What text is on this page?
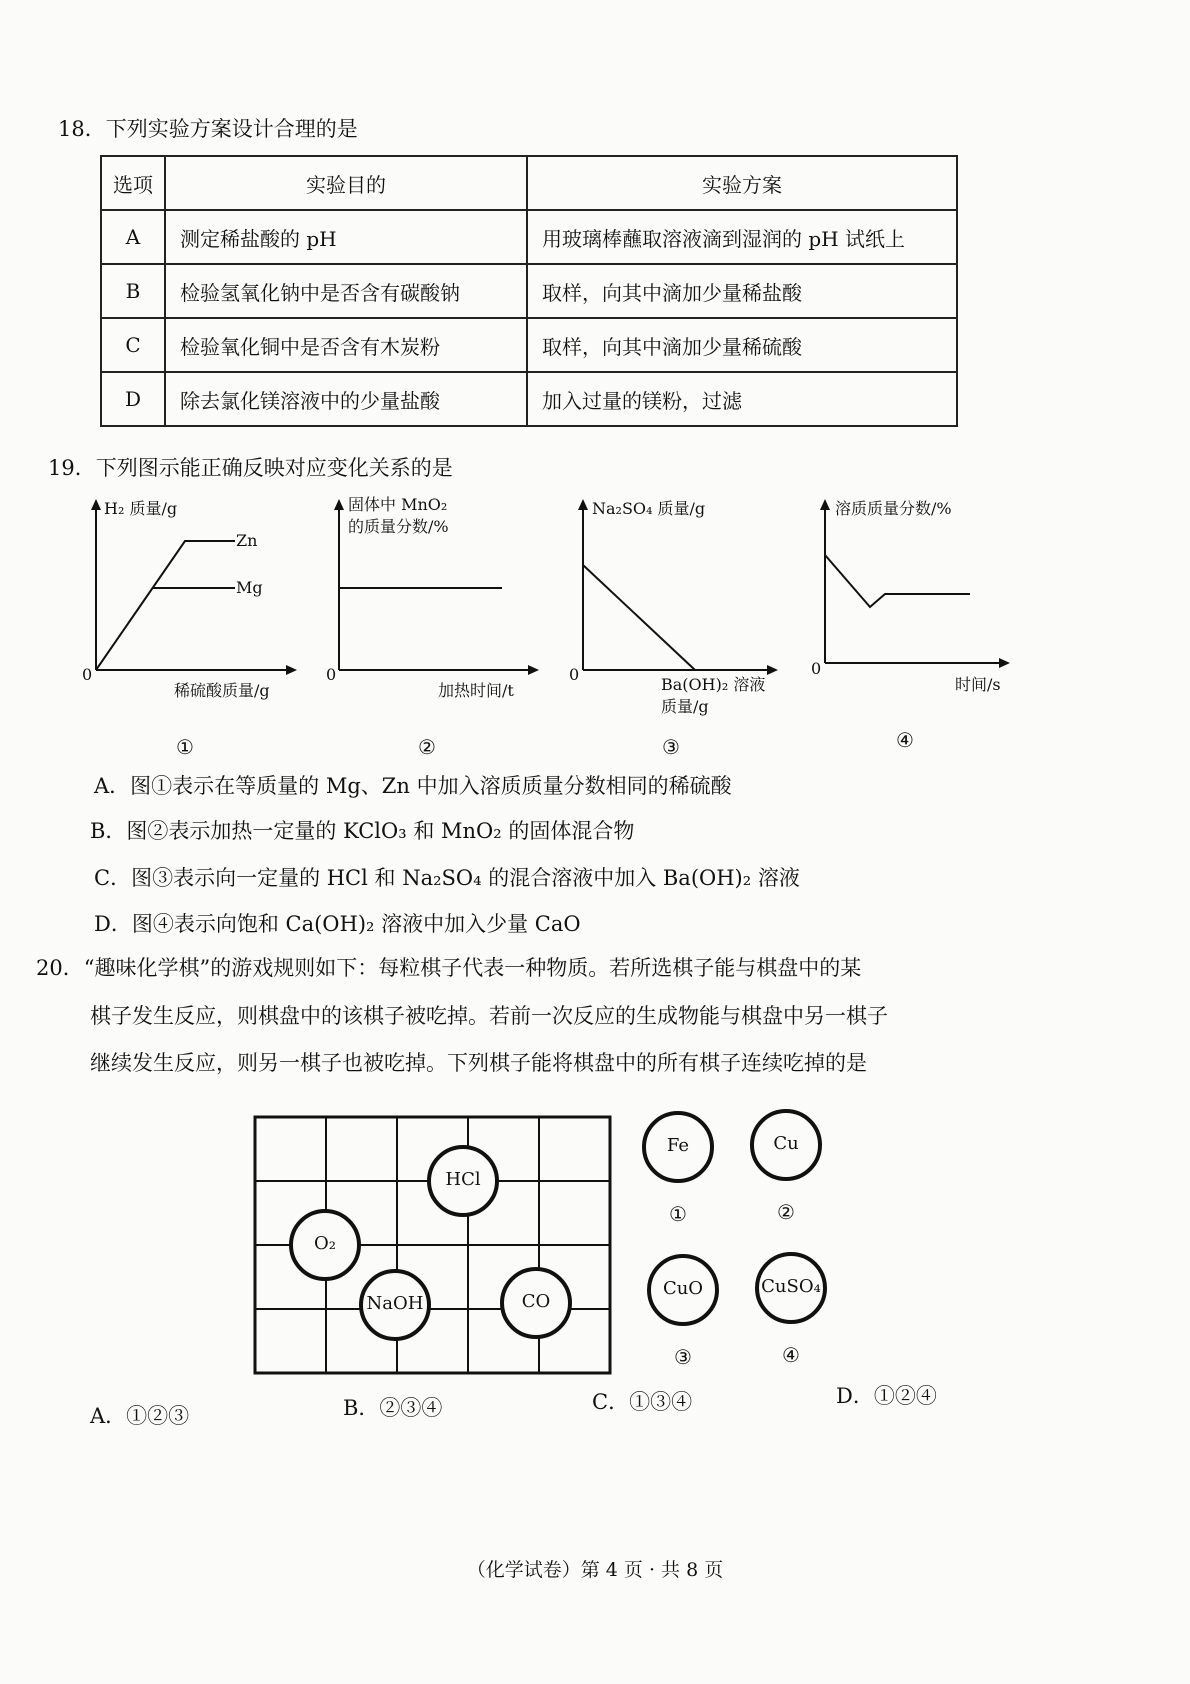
18．下列实验方案设计合理的是
选项	实验目的	实验方案
A	测定稀盐酸的 pH	用玻璃棒蘸取溶液滴到湿润的 pH 试纸上
B	检验氢氧化钠中是否含有碳酸钠	取样，向其中滴加少量稀盐酸
C	检验氧化铜中是否含有木炭粉	取样，向其中滴加少量稀硫酸
D	除去氯化镁溶液中的少量盐酸	加入过量的镁粉，过滤
19．下列图示能正确反映对应变化关系的是
H₂ 质量/g
Zn
Mg
0
稀硫酸质量/g
①
固体中 MnO₂
的质量分数/%
0
加热时间/t
②
Na₂SO₄ 质量/g
0
Ba(OH)₂ 溶液
质量/g
③
溶质质量分数/%
0
时间/s
④
A．图①表示在等质量的 Mg、Zn 中加入溶质质量分数相同的稀硫酸
B．图②表示加热一定量的 KClO₃ 和 MnO₂ 的固体混合物
C．图③表示向一定量的 HCl 和 Na₂SO₄ 的混合溶液中加入 Ba(OH)₂ 溶液
D．图④表示向饱和 Ca(OH)₂ 溶液中加入少量 CaO
20．“趣味化学棋”的游戏规则如下：每粒棋子代表一种物质。若所选棋子能与棋盘中的某
棋子发生反应，则棋盘中的该棋子被吃掉。若前一次反应的生成物能与棋盘中另一棋子
继续发生反应，则另一棋子也被吃掉。下列棋子能将棋盘中的所有棋子连续吃掉的是
HCl
O₂
NaOH	CO
Fe	Cu
CuO	CuSO₄
①	②
③	④
A．①②③	B．②③④	C．①③④	D．①②④
（化学试卷）第 4 页 · 共 8 页
